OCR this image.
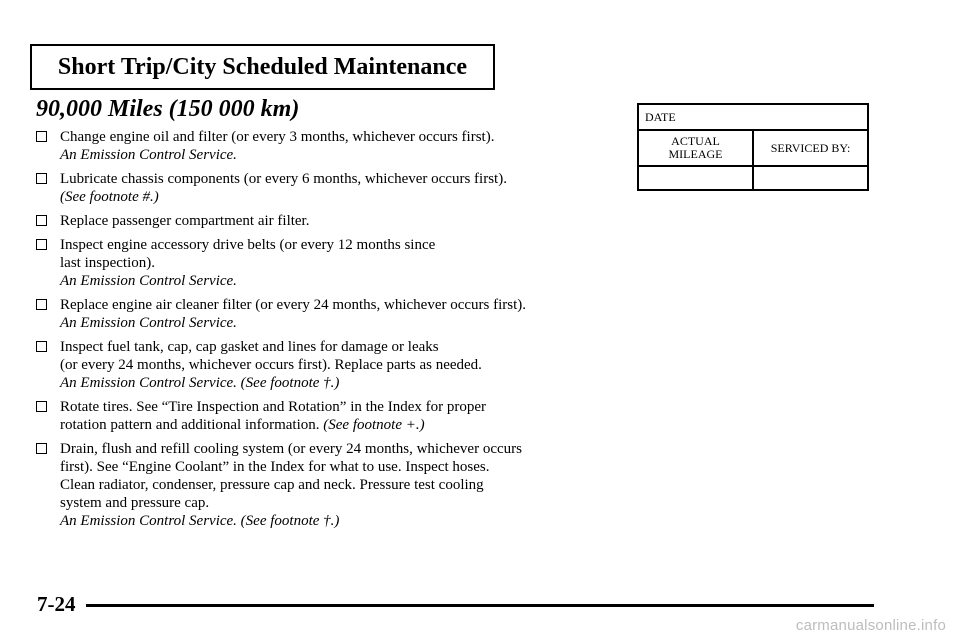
Short Trip/City Scheduled Maintenance
90,000 Miles (150 000 km)
Change engine oil and filter (or every 3 months, whichever occurs first).
An Emission Control Service.
Lubricate chassis components (or every 6 months, whichever occurs first).
(See footnote #.)
Replace passenger compartment air filter.
Inspect engine accessory drive belts (or every 12 months since
last inspection).
An Emission Control Service.
Replace engine air cleaner filter (or every 24 months, whichever occurs first).
An Emission Control Service.
Inspect fuel tank, cap, cap gasket and lines for damage or leaks
(or every 24 months, whichever occurs first). Replace parts as needed.
An Emission Control Service. (See footnote †.)
Rotate tires. See “Tire Inspection and Rotation” in the Index for proper
rotation pattern and additional information. (See footnote +.)
Drain, flush and refill cooling system (or every 24 months, whichever occurs
first). See “Engine Coolant” in the Index for what to use. Inspect hoses.
Clean radiator, condenser, pressure cap and neck. Pressure test cooling
system and pressure cap.
An Emission Control Service. (See footnote †.)
DATE	
ACTUAL
MILEAGE	SERVICED BY:

7-24
carmanualsonline.info
